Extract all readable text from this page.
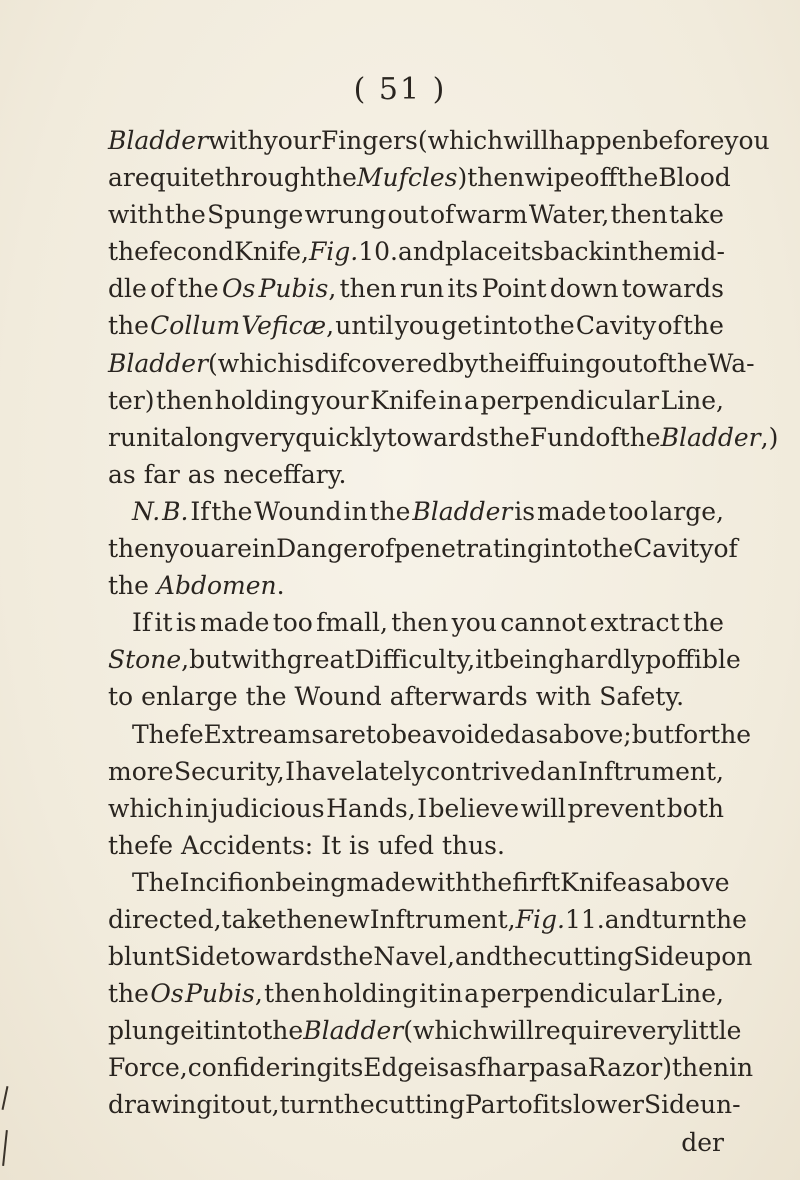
( 51 )
Bladder with your Fingers (which will happen before you
are quite through the Mufcles) then wipe off the Blood
with the Spunge wrung out of warm Water, then take
the fecond Knife, Fig. 10. and place its back in the mid-
dle of the Os Pubis, then run its Point down towards
the Collum Veficæ, until you get into the Cavity of the
Bladder (which is difcovered by the iffuing out of the Wa-
ter) then holding your Knife in a perpendicular Line,
run it along very quickly towards the Fund of the Bladder,)
as far as neceffary.
N. B. If the Wound in the Bladder is made too large,
then you are in Danger of penetrating into the Cavity of
the Abdomen.
If it is made too fmall, then you cannot extract the
Stone, but with great Difficulty, it being hardly poffible
to enlarge the Wound afterwards with Safety.
Thefe Extreams are to be avoided as above; but for the
more Security, I have lately contrived an Inftrument,
which in judicious Hands, I believe will prevent both
thefe Accidents: It is ufed thus.
The Incifion being made with the firft Knife as above
directed, take the new Inftrument, Fig. 11. and turn the
blunt Side towards the Navel, and the cutting Side upon
the Os Pubis, then holding it in a perpendicular Line,
plunge it into the Bladder (which will require very little
Force, confidering its Edge is as fharp as a Razor) then in
drawing it out, turn the cutting Part of its lower Side un-
der
